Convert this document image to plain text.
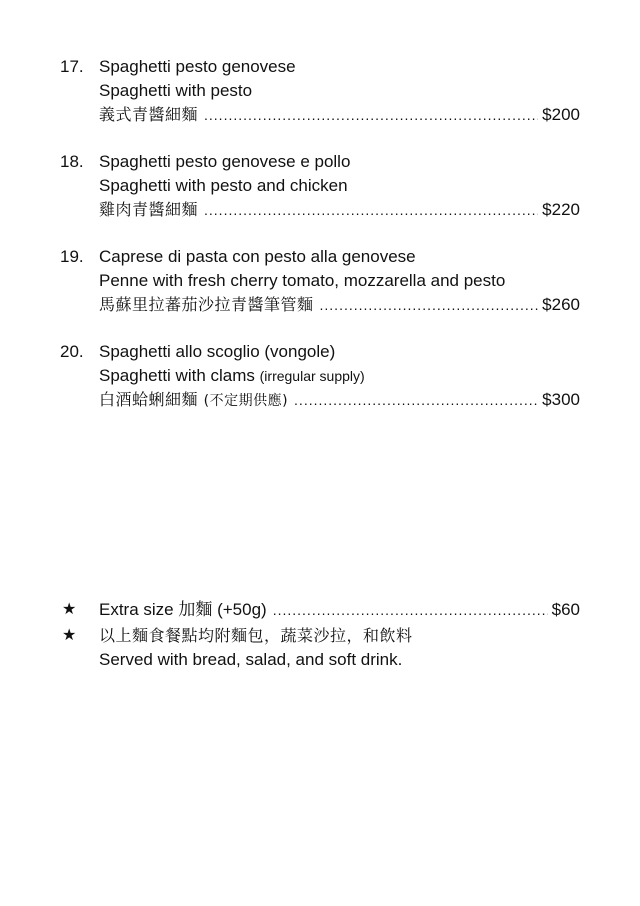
17. Spaghetti pesto genovese
Spaghetti with pesto
義式青醬細麵 .....	$200
18. Spaghetti pesto genovese e pollo
Spaghetti with pesto and chicken
雞肉青醬細麵 .....	$220
19. Caprese di pasta con pesto alla genovese
Penne with fresh cherry tomato, mozzarella and pesto
馬蘇里拉蕃茄沙拉青醬筆管麵 .....	$260
20. Spaghetti allo scoglio (vongole)
Spaghetti with clams (irregular supply)
白酒蛤蜊細麵 (不定期供應) .....	$300
★ Extra size 加麵 (+50g) .....	$60
★ 以上麵食餐點均附麵包，蔬菜沙拉，和飲料
Served with bread, salad, and soft drink.
